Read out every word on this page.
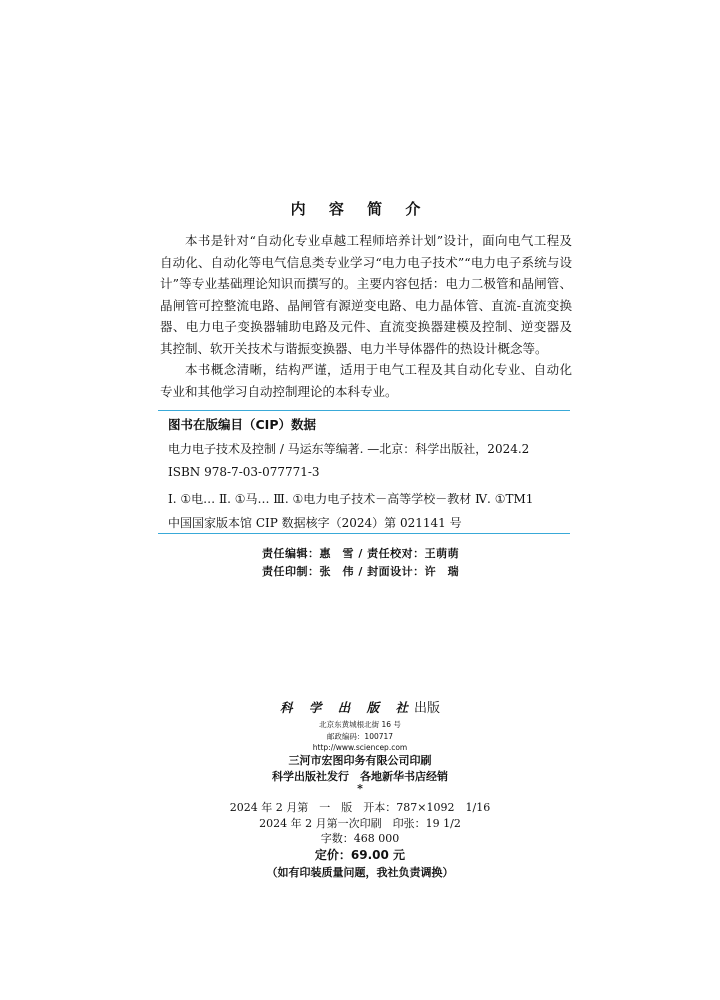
内 容 简 介

本书是针对“自动化专业卓越工程师培养计划”设计，面向电气工程及自动化、自动化等电气信息类专业学习“电力电子技术”“电力电子系统与设计”等专业基础理论知识而撰写的。主要内容包括：电力二极管和晶闸管、晶闸管可控整流电路、晶闸管有源逆变电路、电力晶体管、直流-直流变换器、电力电子变换器辅助电路及元件、直流变换器建模及控制、逆变器及其控制、软开关技术与谐振变换器、电力半导体器件的热设计概念等。

本书概念清晰，结构严谨，适用于电气工程及其自动化专业、自动化专业和其他学习自动控制理论的本科专业。

图书在版编目（CIP）数据
电力电子技术及控制 / 马运东等编著. —北京：科学出版社，2024.2
ISBN 978-7-03-077771-3
Ⅰ. ①电… Ⅱ. ①马… Ⅲ. ①电力电子技术－高等学校－教材 Ⅳ. ①TM1
中国国家版本馆 CIP 数据核字（2024）第 021141 号
责任编辑：惠　雪 / 责任校对：王萌萌
责任印制：张　伟 / 封面设计：许　瑞
科 学 出 版 社出版
北京东黄城根北街 16 号
邮政编码：100717
http://www.sciencep.com
三河市宏图印务有限公司印刷
科学出版社发行　各地新华书店经销
*
2024 年 2 月第　一　版　开本：787×1092　1/16
2024 年 2 月第一次印刷　印张：19 1/2
字数：468 000
定价：69.00 元
（如有印装质量问题，我社负责调换）
